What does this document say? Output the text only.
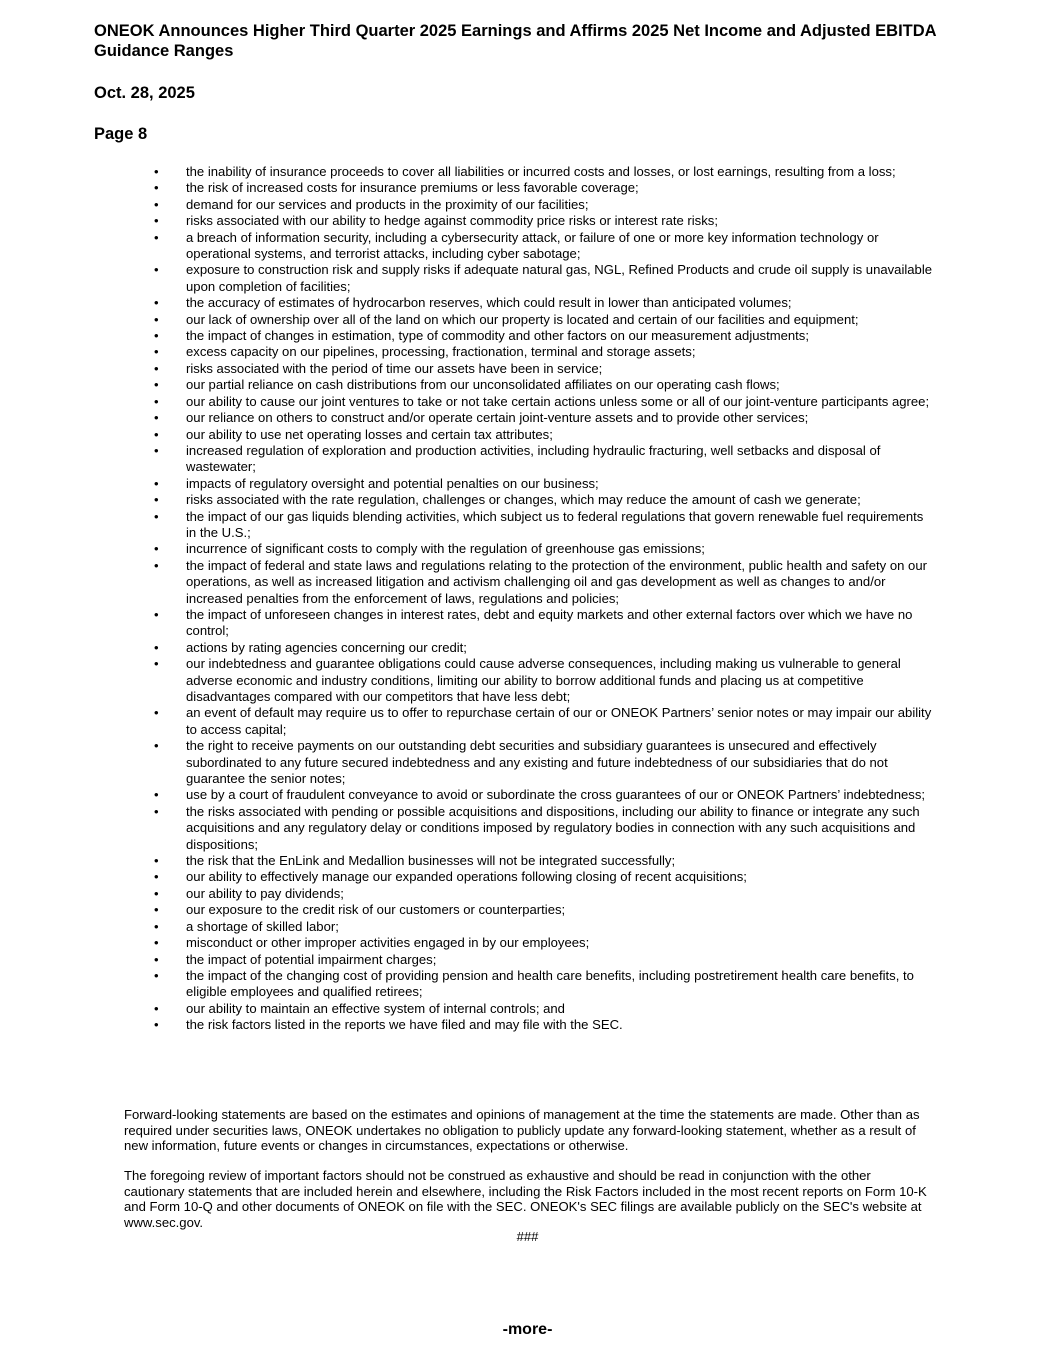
ONEOK Announces Higher Third Quarter 2025 Earnings and Affirms 2025 Net Income and Adjusted EBITDA Guidance Ranges

Oct. 28, 2025

Page 8

• the inability of insurance proceeds to cover all liabilities or incurred costs and losses, or lost earnings, resulting from a loss;
• the risk of increased costs for insurance premiums or less favorable coverage;
• demand for our services and products in the proximity of our facilities;
• risks associated with our ability to hedge against commodity price risks or interest rate risks;
• a breach of information security, including a cybersecurity attack, or failure of one or more key information technology or operational systems, and terrorist attacks, including cyber sabotage;
• exposure to construction risk and supply risks if adequate natural gas, NGL, Refined Products and crude oil supply is unavailable upon completion of facilities;
• the accuracy of estimates of hydrocarbon reserves, which could result in lower than anticipated volumes;
• our lack of ownership over all of the land on which our property is located and certain of our facilities and equipment;
• the impact of changes in estimation, type of commodity and other factors on our measurement adjustments;
• excess capacity on our pipelines, processing, fractionation, terminal and storage assets;
• risks associated with the period of time our assets have been in service;
• our partial reliance on cash distributions from our unconsolidated affiliates on our operating cash flows;
• our ability to cause our joint ventures to take or not take certain actions unless some or all of our joint-venture participants agree;
• our reliance on others to construct and/or operate certain joint-venture assets and to provide other services;
• our ability to use net operating losses and certain tax attributes;
• increased regulation of exploration and production activities, including hydraulic fracturing, well setbacks and disposal of wastewater;
• impacts of regulatory oversight and potential penalties on our business;
• risks associated with the rate regulation, challenges or changes, which may reduce the amount of cash we generate;
• the impact of our gas liquids blending activities, which subject us to federal regulations that govern renewable fuel requirements in the U.S.;
• incurrence of significant costs to comply with the regulation of greenhouse gas emissions;
• the impact of federal and state laws and regulations relating to the protection of the environment, public health and safety on our operations, as well as increased litigation and activism challenging oil and gas development as well as changes to and/or increased penalties from the enforcement of laws, regulations and policies;
• the impact of unforeseen changes in interest rates, debt and equity markets and other external factors over which we have no control;
• actions by rating agencies concerning our credit;
• our indebtedness and guarantee obligations could cause adverse consequences, including making us vulnerable to general adverse economic and industry conditions, limiting our ability to borrow additional funds and placing us at competitive disadvantages compared with our competitors that have less debt;
• an event of default may require us to offer to repurchase certain of our or ONEOK Partners’ senior notes or may impair our ability to access capital;
• the right to receive payments on our outstanding debt securities and subsidiary guarantees is unsecured and effectively subordinated to any future secured indebtedness and any existing and future indebtedness of our subsidiaries that do not guarantee the senior notes;
• use by a court of fraudulent conveyance to avoid or subordinate the cross guarantees of our or ONEOK Partners’ indebtedness;
• the risks associated with pending or possible acquisitions and dispositions, including our ability to finance or integrate any such acquisitions and any regulatory delay or conditions imposed by regulatory bodies in connection with any such acquisitions and dispositions;
• the risk that the EnLink and Medallion businesses will not be integrated successfully;
• our ability to effectively manage our expanded operations following closing of recent acquisitions;
• our ability to pay dividends;
• our exposure to the credit risk of our customers or counterparties;
• a shortage of skilled labor;
• misconduct or other improper activities engaged in by our employees;
• the impact of potential impairment charges;
• the impact of the changing cost of providing pension and health care benefits, including postretirement health care benefits, to eligible employees and qualified retirees;
• our ability to maintain an effective system of internal controls; and
• the risk factors listed in the reports we have filed and may file with the SEC.

Forward-looking statements are based on the estimates and opinions of management at the time the statements are made. Other than as required under securities laws, ONEOK undertakes no obligation to publicly update any forward-looking statement, whether as a result of new information, future events or changes in circumstances, expectations or otherwise.

The foregoing review of important factors should not be construed as exhaustive and should be read in conjunction with the other cautionary statements that are included herein and elsewhere, including the Risk Factors included in the most recent reports on Form 10-K and Form 10-Q and other documents of ONEOK on file with the SEC. ONEOK's SEC filings are available publicly on the SEC's website at www.sec.gov.

###

-more-
